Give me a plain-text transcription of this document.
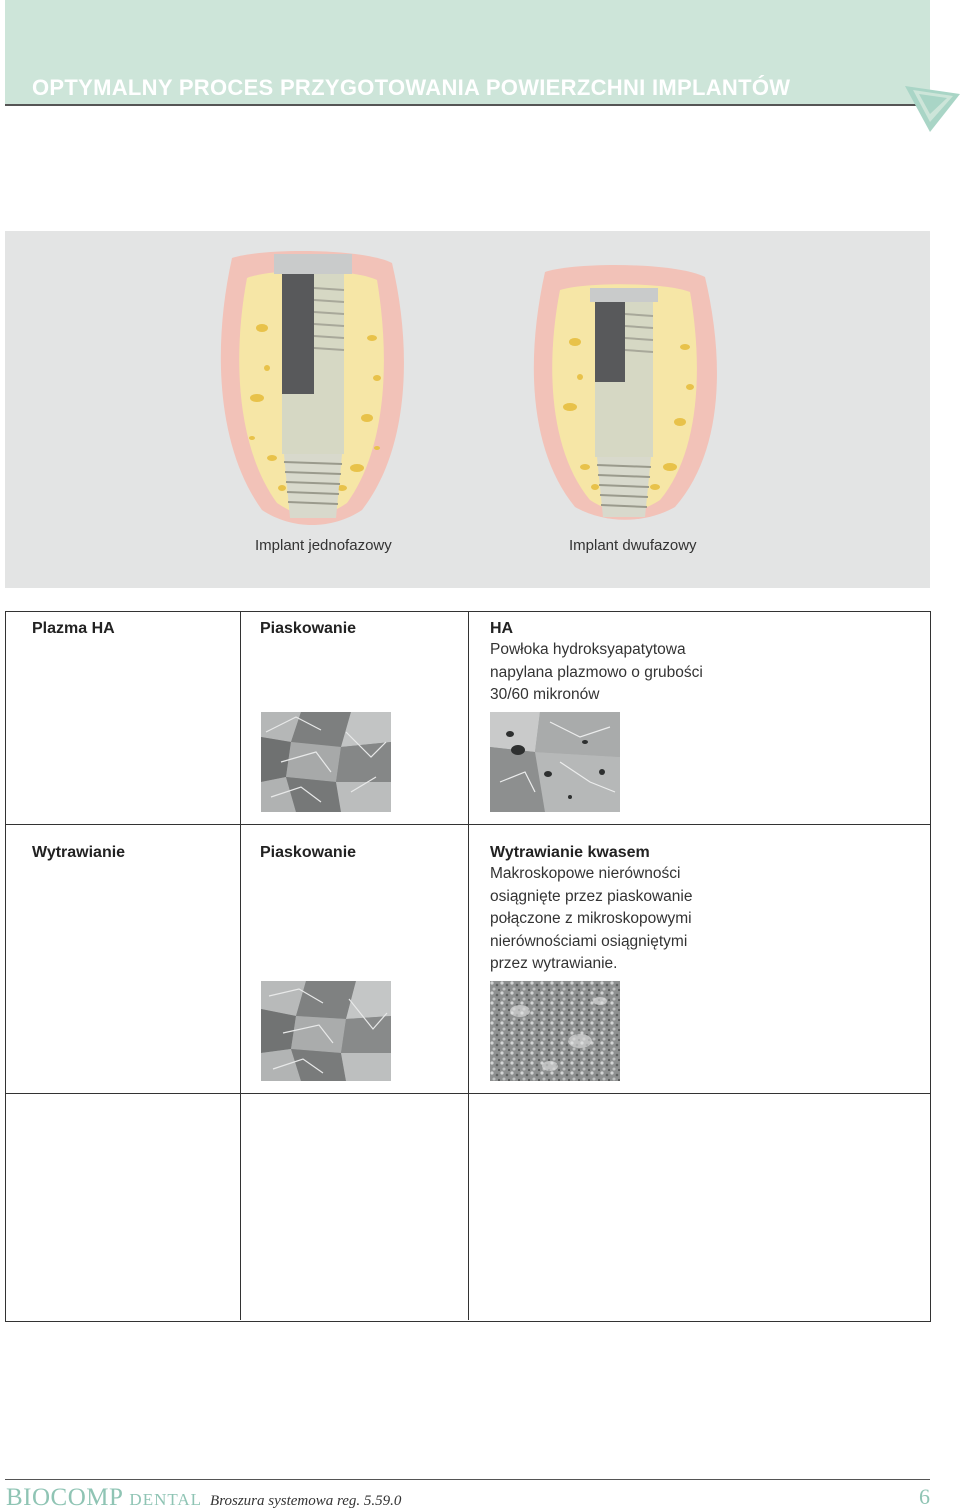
OPTYMALNY PROCES PRZYGOTOWANIA POWIERZCHNI IMPLANTÓW
Implant jednofazowy	Implant dwufazowy
Plazma HA	Piaskowanie	HA
Powłoka hydroksyapatytowa napylana plazmowo o grubości 30/60 mikronów
Wytrawianie	Piaskowanie	Wytrawianie kwasem
Makroskopowe nierówności osiągnięte przez piaskowanie połączone z mikroskopowymi nierównościami osiągniętymi przez wytrawianie.
BIOCOMP DENTAL Broszura systemowa reg. 5.59.0	6
